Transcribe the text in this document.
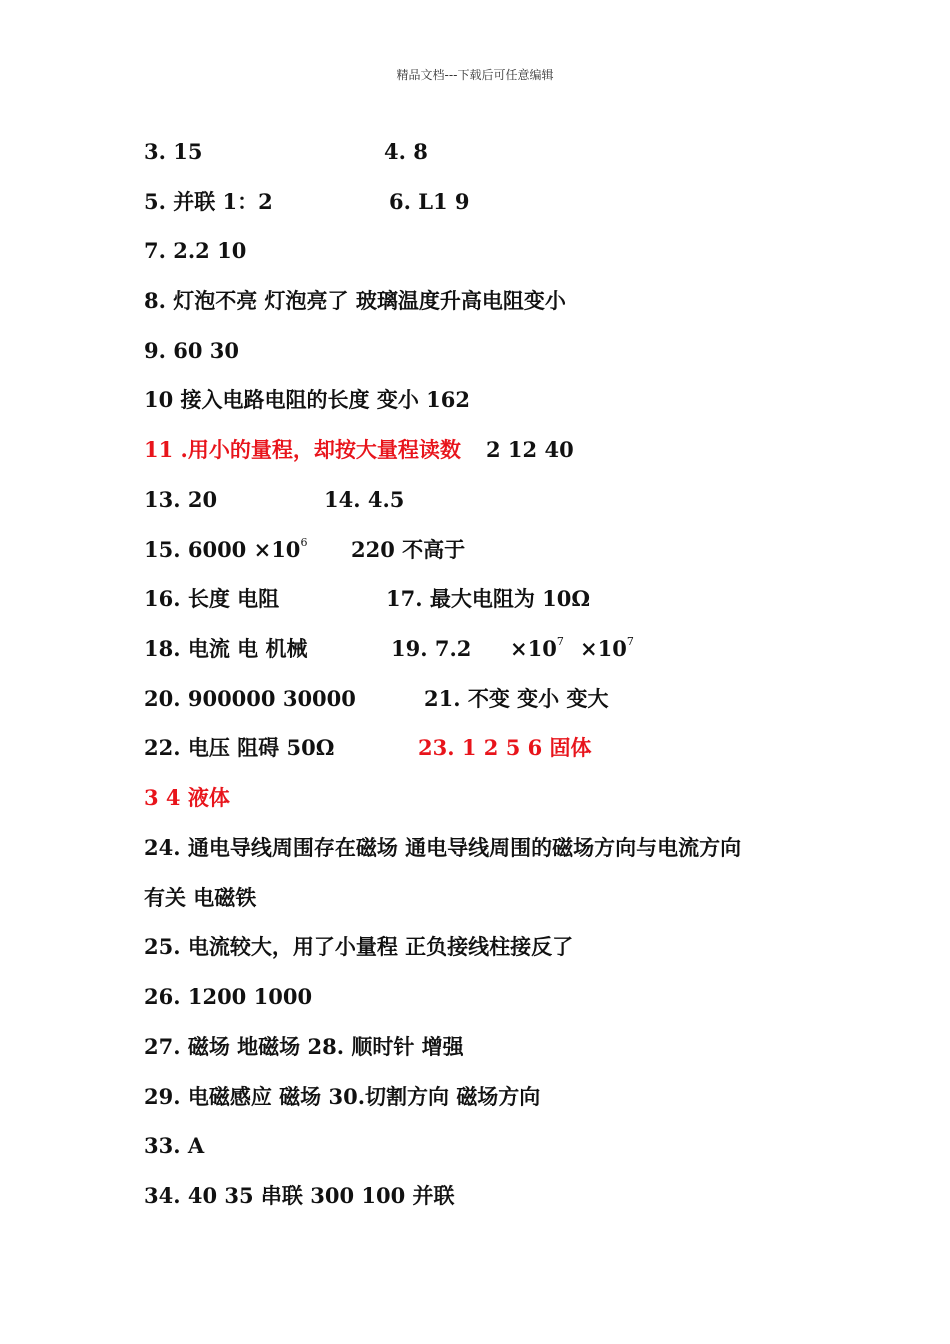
精品文档---下载后可任意编辑
3. 15	4. 8
5. 并联 1：2	6. L1 9
7. 2.2 10
8. 灯泡不亮 灯泡亮了 玻璃温度升高电阻变小
9. 60 30
10 接入电路电阻的长度 变小 162
11 .用小的量程，却按大量程读数 2 12 40
13. 20	14. 4.5
15. $6000 \times 10^6$ 220 不高于
16. 长度 电阻	17. 最大电阻为 10Ω
18. 电流 电 机械	19. $7.2 \times 10^7 \times 10^7$
20. 900000 30000	21. 不变 变小 变大
22. 电压 阻碍 50Ω	23. 1 2 5 6 固体
3 4 液体
24. 通电导线周围存在磁场 通电导线周围的磁场方向与电流方向
有关 电磁铁
25. 电流较大，用了小量程 正负接线柱接反了
26. 1200 1000
27. 磁场 地磁场 28. 顺时针 增强
29. 电磁感应 磁场 30.切割方向 磁场方向
33. A
34. 40 35 串联 300 100 并联
